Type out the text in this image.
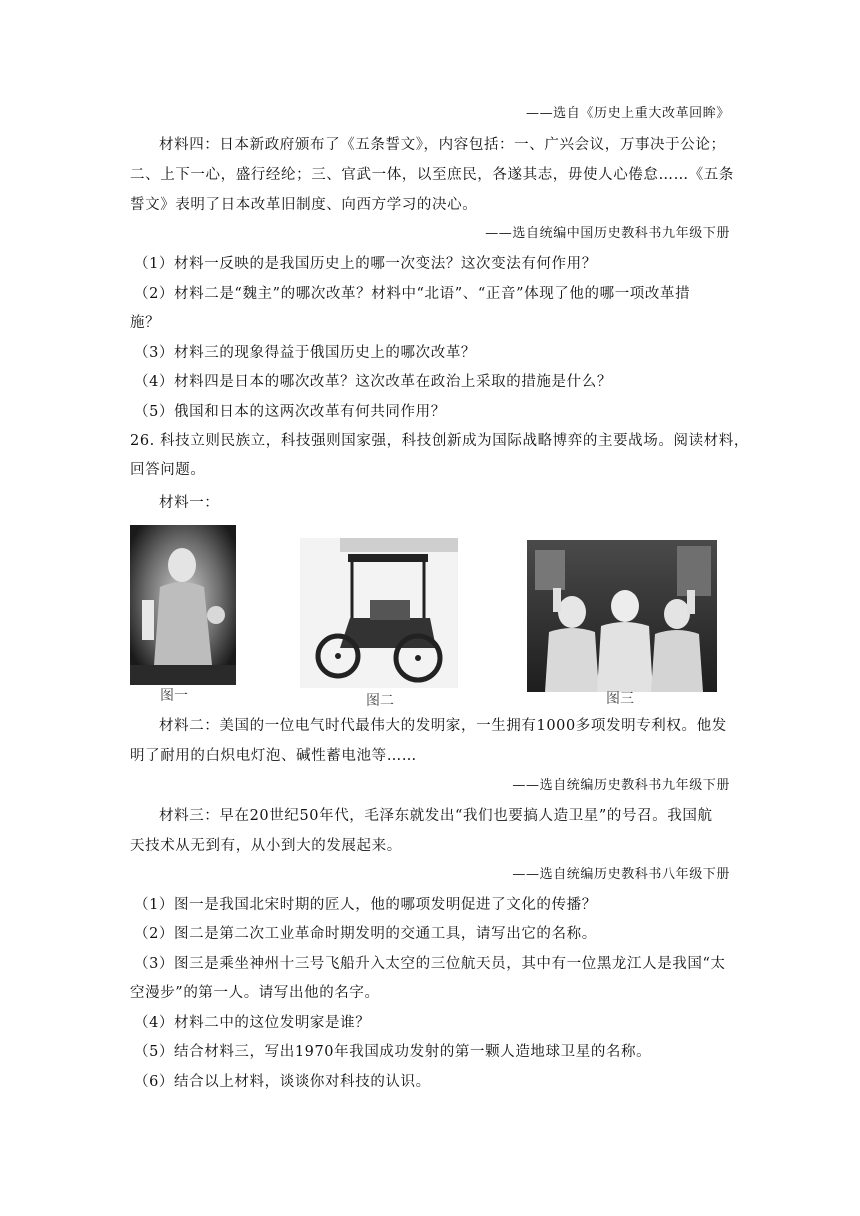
——选自《历史上重大改革回眸》
材料四：日本新政府颁布了《五条誓文》，内容包括：一、广兴会议，万事决于公论；
二、上下一心，盛行经纶；三、官武一体，以至庶民，各遂其志，毋使人心倦怠……《五条
誓文》表明了日本改革旧制度、向西方学习的决心。
——选自统编中国历史教科书九年级下册
（1）材料一反映的是我国历史上的哪一次变法？这次变法有何作用？
（2）材料二是“魏主”的哪次改革？材料中“北语”、“正音”体现了他的哪一项改革措
施？
（3）材料三的现象得益于俄国历史上的哪次改革？
（4）材料四是日本的哪次改革？这次改革在政治上采取的措施是什么？
（5）俄国和日本的这两次改革有何共同作用？
26. 科技立则民族立，科技强则国家强，科技创新成为国际战略博弈的主要战场。阅读材料，
回答问题。
材料一：
图一	图二	图三
材料二：美国的一位电气时代最伟大的发明家，一生拥有1000多项发明专利权。他发
明了耐用的白炽电灯泡、碱性蓄电池等……
——选自统编历史教科书九年级下册
材料三：早在20世纪50年代，毛泽东就发出“我们也要搞人造卫星”的号召。我国航
天技术从无到有，从小到大的发展起来。
——选自统编历史教科书八年级下册
（1）图一是我国北宋时期的匠人，他的哪项发明促进了文化的传播？
（2）图二是第二次工业革命时期发明的交通工具，请写出它的名称。
（3）图三是乘坐神州十三号飞船升入太空的三位航天员，其中有一位黑龙江人是我国“太
空漫步”的第一人。请写出他的名字。
（4）材料二中的这位发明家是谁？
（5）结合材料三，写出1970年我国成功发射的第一颗人造地球卫星的名称。
（6）结合以上材料，谈谈你对科技的认识。
